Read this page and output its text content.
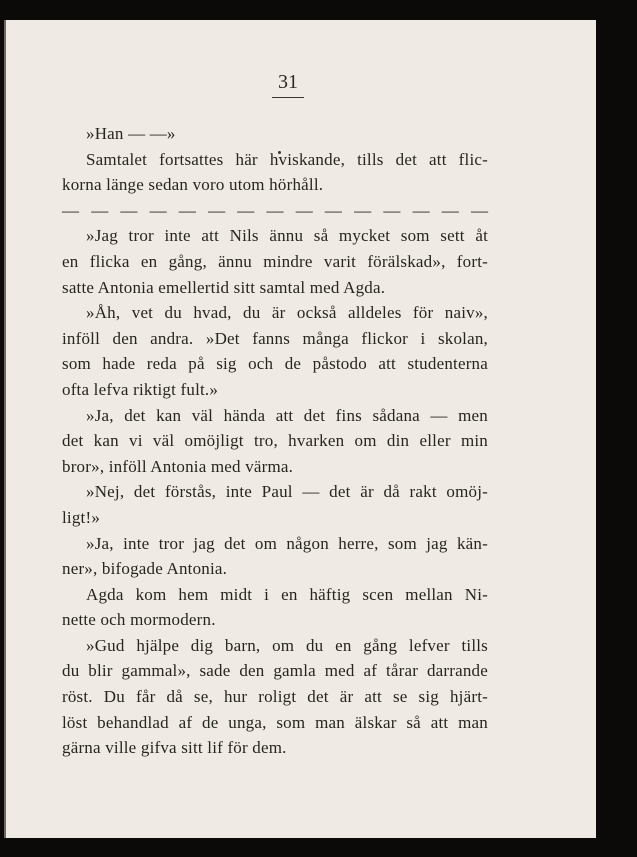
31
»Han — —»
Samtalet fortsattes här hviskande, tills det att flic-
korna länge sedan voro utom hörhåll.
— — — — — — — — — — — — — — —
»Jag tror inte att Nils ännu så mycket som sett åt
en flicka en gång, ännu mindre varit förälskad», fort-
satte Antonia emellertid sitt samtal med Agda.
»Åh, vet du hvad, du är också alldeles för naiv»,
inföll den andra. »Det fanns många flickor i skolan,
som hade reda på sig och de påstodo att studenterna
ofta lefva riktigt fult.»
»Ja, det kan väl hända att det fins sådana — men
det kan vi väl omöjligt tro, hvarken om din eller min
bror», inföll Antonia med värma.
»Nej, det förstås, inte Paul — det är då rakt omöj-
ligt!»
»Ja, inte tror jag det om någon herre, som jag kän-
ner», bifogade Antonia.
Agda kom hem midt i en häftig scen mellan Ni-
nette och mormodern.
»Gud hjälpe dig barn, om du en gång lefver tills
du blir gammal», sade den gamla med af tårar darrande
röst. Du får då se, hur roligt det är att se sig hjärt-
löst behandlad af de unga, som man älskar så att man
gärna ville gifva sitt lif för dem.
